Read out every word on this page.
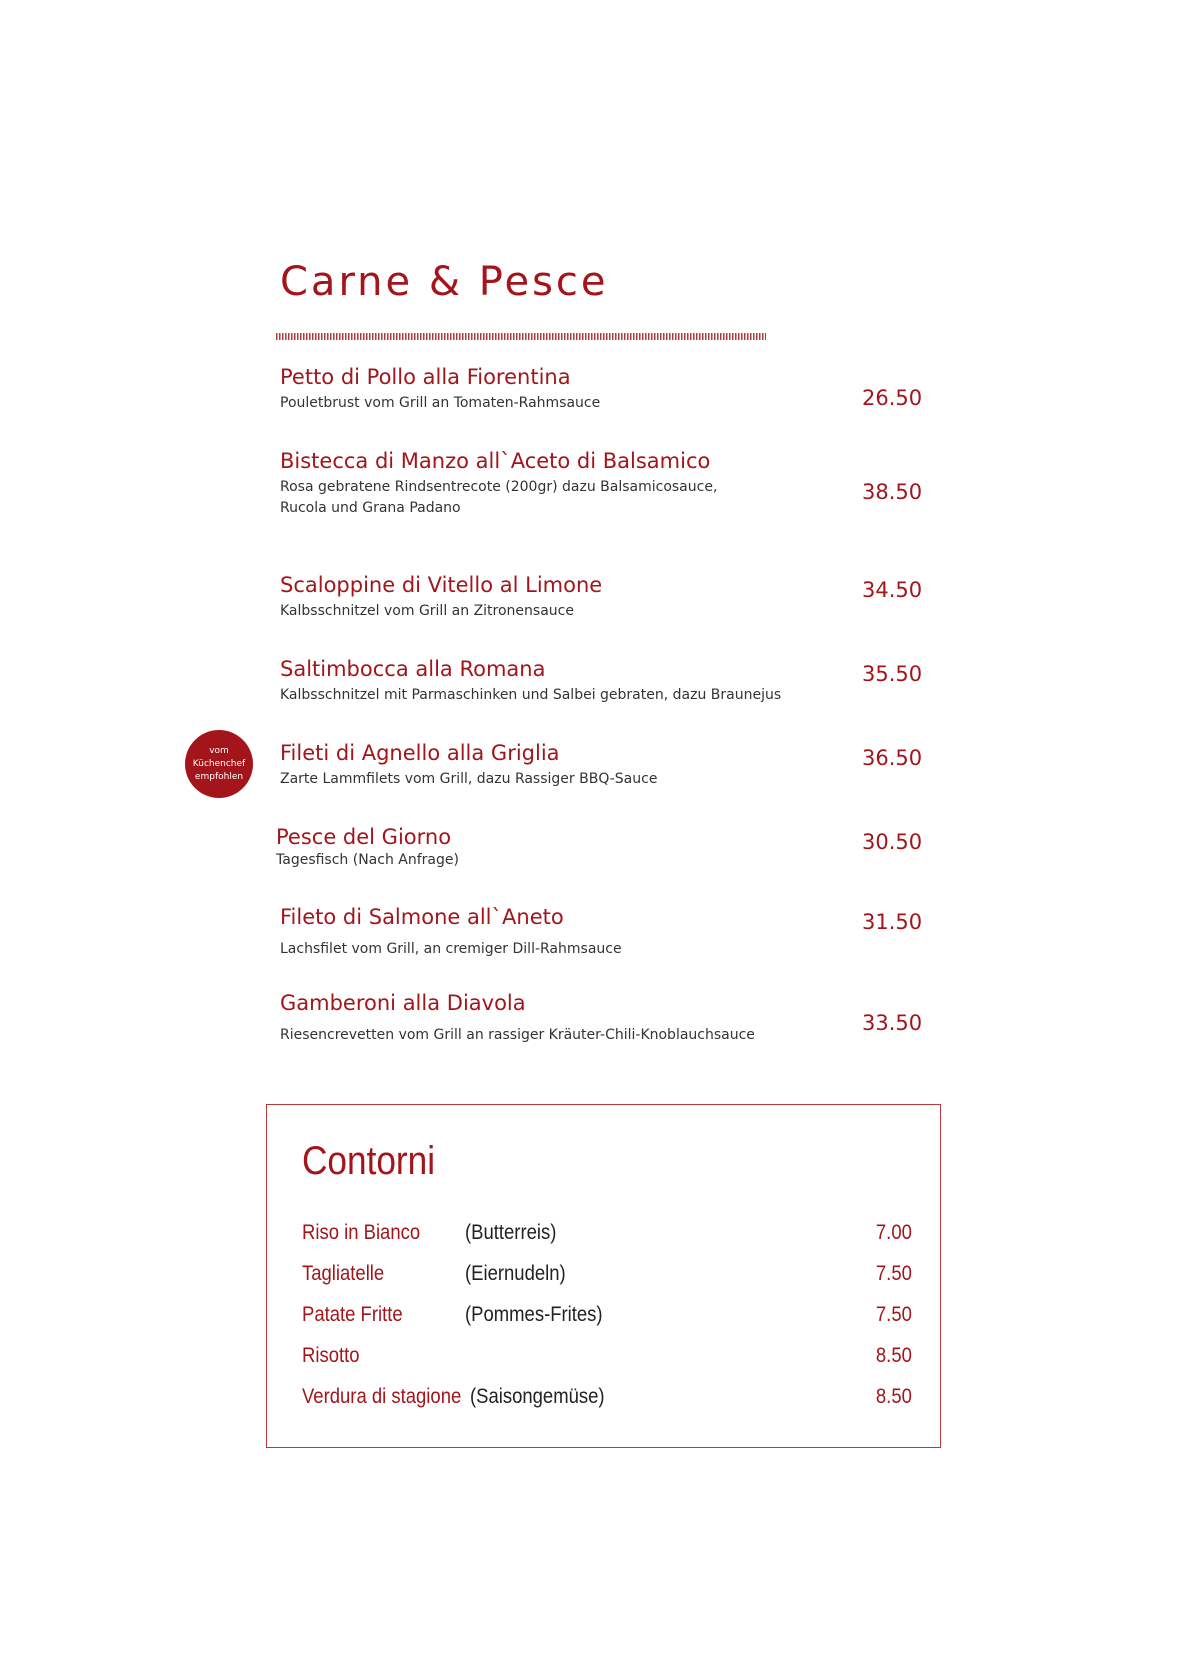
Carne & Pesce
Petto di Pollo alla Fiorentina
Pouletbrust vom Grill an Tomaten-Rahmsauce	26.50
Bistecca di Manzo all`Aceto di Balsamico
Rosa gebratene Rindsentrecote (200gr) dazu Balsamicosauce,
Rucola und Grana Padano
38.50
Scaloppine di Vitello al Limone
Kalbsschnitzel vom Grill an Zitronensauce
34.50
Saltimbocca alla Romana
Kalbsschnitzel mit Parmaschinken und Salbei gebraten, dazu Braunejus
35.50
vom
Küchenchef
empfohlen
Fileti di Agnello alla Griglia
Zarte Lammfilets vom Grill, dazu Rassiger BBQ-Sauce
36.50
Pesce del Giorno
Tagesfisch (Nach Anfrage)
30.50
Fileto di Salmone all`Aneto
Lachsfilet vom Grill, an cremiger Dill-Rahmsauce
31.50
Gamberoni alla Diavola
Riesencrevetten vom Grill an rassiger Kräuter-Chili-Knoblauchsauce	33.50
Contorni
Riso in Bianco (Butterreis)	7.00
Tagliatelle	(Eiernudeln)	7.50
Patate Fritte	(Pommes-Frites)	7.50
Risotto	8.50
Verdura di stagione (Saisongemüse)	8.50
